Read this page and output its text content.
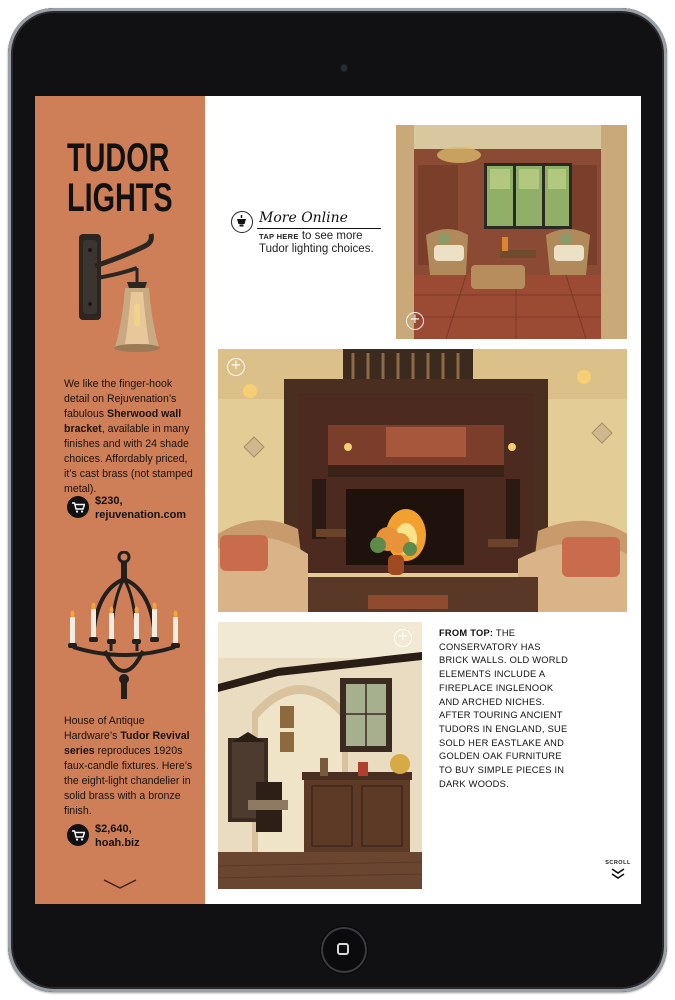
TUDOR
LIGHTS

We like the finger-hook detail on Rejuvenation’s fabulous Sherwood wall bracket, available in many finishes and with 24 shade choices. Affordably priced, it’s cast brass (not stamped metal).

$230,
rejuvenation.com

House of Antique Hardware’s Tudor Revival series reproduces 1920s faux-candle fixtures. Here’s the eight-light chandelier in solid brass with a bronze finish.

$2,640,
hoah.biz
More Online
TAP HERE to see more Tudor lighting choices.
+
+
+	FROM TOP: THE CONSERVATORY HAS BRICK WALLS. OLD WORLD ELEMENTS INCLUDE A FIREPLACE INGLENOOK AND ARCHED NICHES. AFTER TOURING ANCIENT TUDORS IN ENGLAND, SUE SOLD HER EASTLAKE AND GOLDEN OAK FURNITURE TO BUY SIMPLE PIECES IN DARK WOODS.

SCROLL
